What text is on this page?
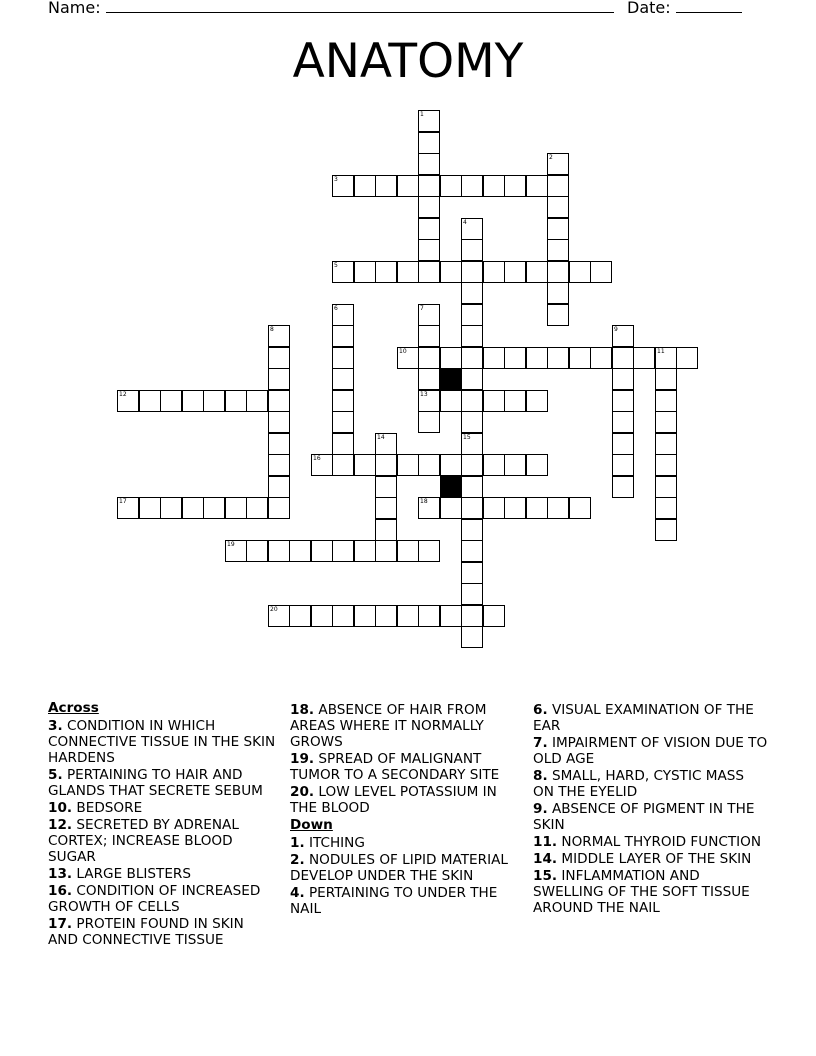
Name:	Date:
ANATOMY
1
2
3
4
15
5
6	7
13
8	9
10	11
12
14
16
17	18
19
20
Across
3. CONDITION IN WHICH CONNECTIVE TISSUE IN THE SKIN HARDENS
5. PERTAINING TO HAIR AND GLANDS THAT SECRETE SEBUM
10. BEDSORE
12. SECRETED BY ADRENAL CORTEX; INCREASE BLOOD SUGAR
13. LARGE BLISTERS
16. CONDITION OF INCREASED GROWTH OF CELLS
17. PROTEIN FOUND IN SKIN AND CONNECTIVE TISSUE
18. ABSENCE OF HAIR FROM AREAS WHERE IT NORMALLY GROWS
19. SPREAD OF MALIGNANT TUMOR TO A SECONDARY SITE
20. LOW LEVEL POTASSIUM IN THE BLOOD
Down
1. ITCHING
2. NODULES OF LIPID MATERIAL DEVELOP UNDER THE SKIN
4. PERTAINING TO UNDER THE NAIL
6. VISUAL EXAMINATION OF THE EAR
7. IMPAIRMENT OF VISION DUE TO OLD AGE
8. SMALL, HARD, CYSTIC MASS ON THE EYELID
9. ABSENCE OF PIGMENT IN THE SKIN
11. NORMAL THYROID FUNCTION
14. MIDDLE LAYER OF THE SKIN
15. INFLAMMATION AND SWELLING OF THE SOFT TISSUE AROUND THE NAIL
